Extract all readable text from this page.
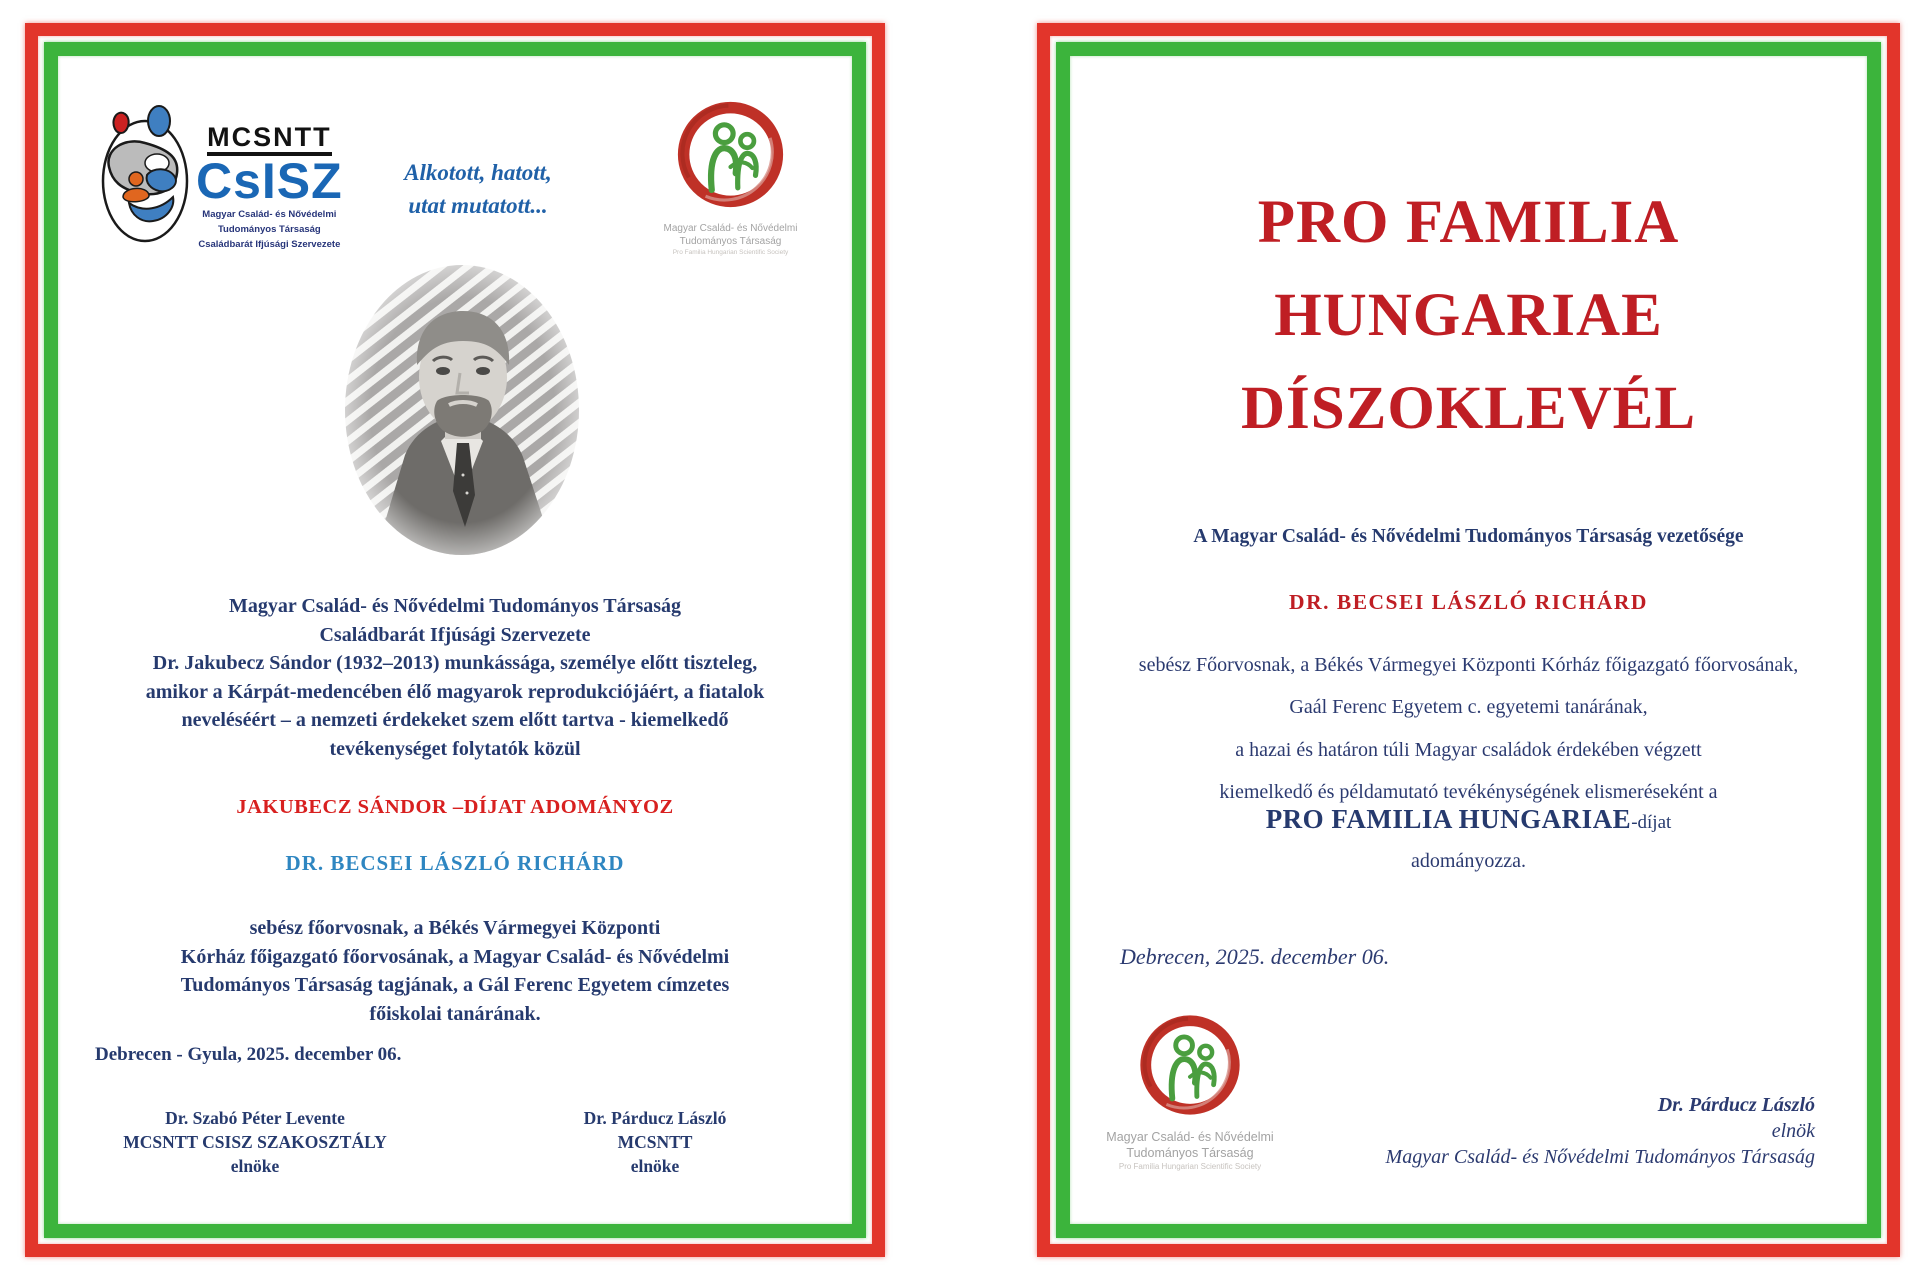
MCSNTT
CsISZ
Magyar Család- és Nővédelmi
Tudományos Társaság
Családbarát Ifjúsági Szervezete
Alkotott, hatott,
utat mutatott...
Magyar Család- és Nővédelmi
Tudományos Társaság
Pro Familia Hungarian Scientific Society
Magyar Család- és Nővédelmi Tudományos Társaság
Családbarát Ifjúsági Szervezete
Dr. Jakubecz Sándor (1932–2013) munkássága, személye előtt tiszteleg,
amikor a Kárpát-medencében élő magyarok reprodukciójáért, a fiatalok
neveléséért – a nemzeti érdekeket szem előtt tartva - kiemelkedő
tevékenységet folytatók közül
JAKUBECZ SÁNDOR –DÍJAT ADOMÁNYOZ
DR. BECSEI LÁSZLÓ RICHÁRD
sebész főorvosnak, a Békés Vármegyei Központi
Kórház főigazgató főorvosának, a Magyar Család- és Nővédelmi
Tudományos Társaság tagjának, a Gál Ferenc Egyetem címzetes
főiskolai tanárának.
Debrecen - Gyula, 2025. december 06.
Dr. Szabó Péter Levente
MCSNTT CSISZ SZAKOSZTÁLY
elnöke
Dr. Párducz László
MCSNTT
elnöke
PRO FAMILIA
HUNGARIAE
DÍSZOKLEVÉL
A Magyar Család- és Nővédelmi Tudományos Társaság vezetősége
DR. BECSEI LÁSZLÓ RICHÁRD
sebész Főorvosnak, a Békés Vármegyei Központi Kórház főigazgató főorvosának,
Gaál Ferenc Egyetem c. egyetemi tanárának,
a hazai és határon túli Magyar családok érdekében végzett
kiemelkedő és példamutató tevékénységének elismeréseként a
PRO FAMILIA HUNGARIAE-díjat
adományozza.
Debrecen, 2025. december 06.
Magyar Család- és Nővédelmi
Tudományos Társaság
Pro Familia Hungarian Scientific Society
Dr. Párducz László
elnök
Magyar Család- és Nővédelmi Tudományos Társaság
